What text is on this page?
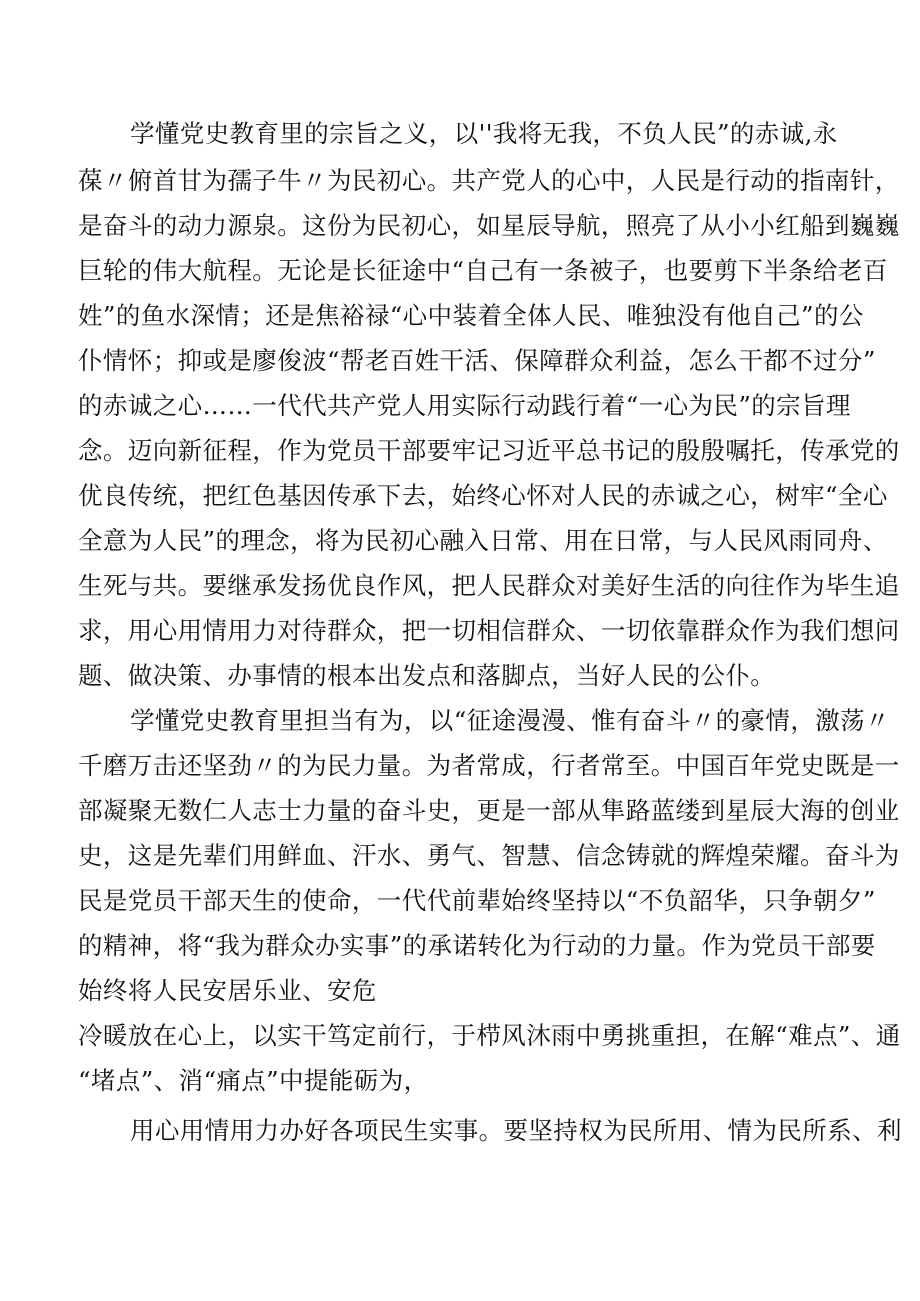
学懂党史教育里的宗旨之义，以''我将无我，不负人民”的赤诚,永

葆〃俯首甘为孺子牛〃为民初心。共产党人的心中，人民是行动的指南针，

是奋斗的动力源泉。这份为民初心，如星辰导航，照亮了从小小红船到巍巍

巨轮的伟大航程。无论是长征途中“自己有一条被子，也要剪下半条给老百

姓”的鱼水深情；还是焦裕禄“心中装着全体人民、唯独没有他自己”的公

仆情怀；抑或是廖俊波“帮老百姓干活、保障群众利益，怎么干都不过分”

的赤诚之心……一代代共产党人用实际行动践行着“一心为民”的宗旨理

念。迈向新征程，作为党员干部要牢记习近平总书记的殷殷嘱托，传承党的

优良传统，把红色基因传承下去，始终心怀对人民的赤诚之心，树牢“全心

全意为人民”的理念，将为民初心融入日常、用在日常，与人民风雨同舟、

生死与共。要继承发扬优良作风，把人民群众对美好生活的向往作为毕生追

求，用心用情用力对待群众，把一切相信群众、一切依靠群众作为我们想问

题、做决策、办事情的根本出发点和落脚点，当好人民的公仆。

学懂党史教育里担当有为，以“征途漫漫、惟有奋斗〃的豪情，激荡〃

千磨万击还坚劲〃的为民力量。为者常成，行者常至。中国百年党史既是一

部凝聚无数仁人志士力量的奋斗史，更是一部从隼路蓝缕到星辰大海的创业

史，这是先辈们用鲜血、汗水、勇气、智慧、信念铸就的辉煌荣耀。奋斗为

民是党员干部天生的使命，一代代前辈始终坚持以“不负韶华，只争朝夕”

的精神，将“我为群众办实事”的承诺转化为行动的力量。作为党员干部要

始终将人民安居乐业、安危

冷暖放在心上，以实干笃定前行，于栉风沐雨中勇挑重担，在解“难点”、通

“堵点”、消“痛点”中提能砺为，

用心用情用力办好各项民生实事。要坚持权为民所用、情为民所系、利
